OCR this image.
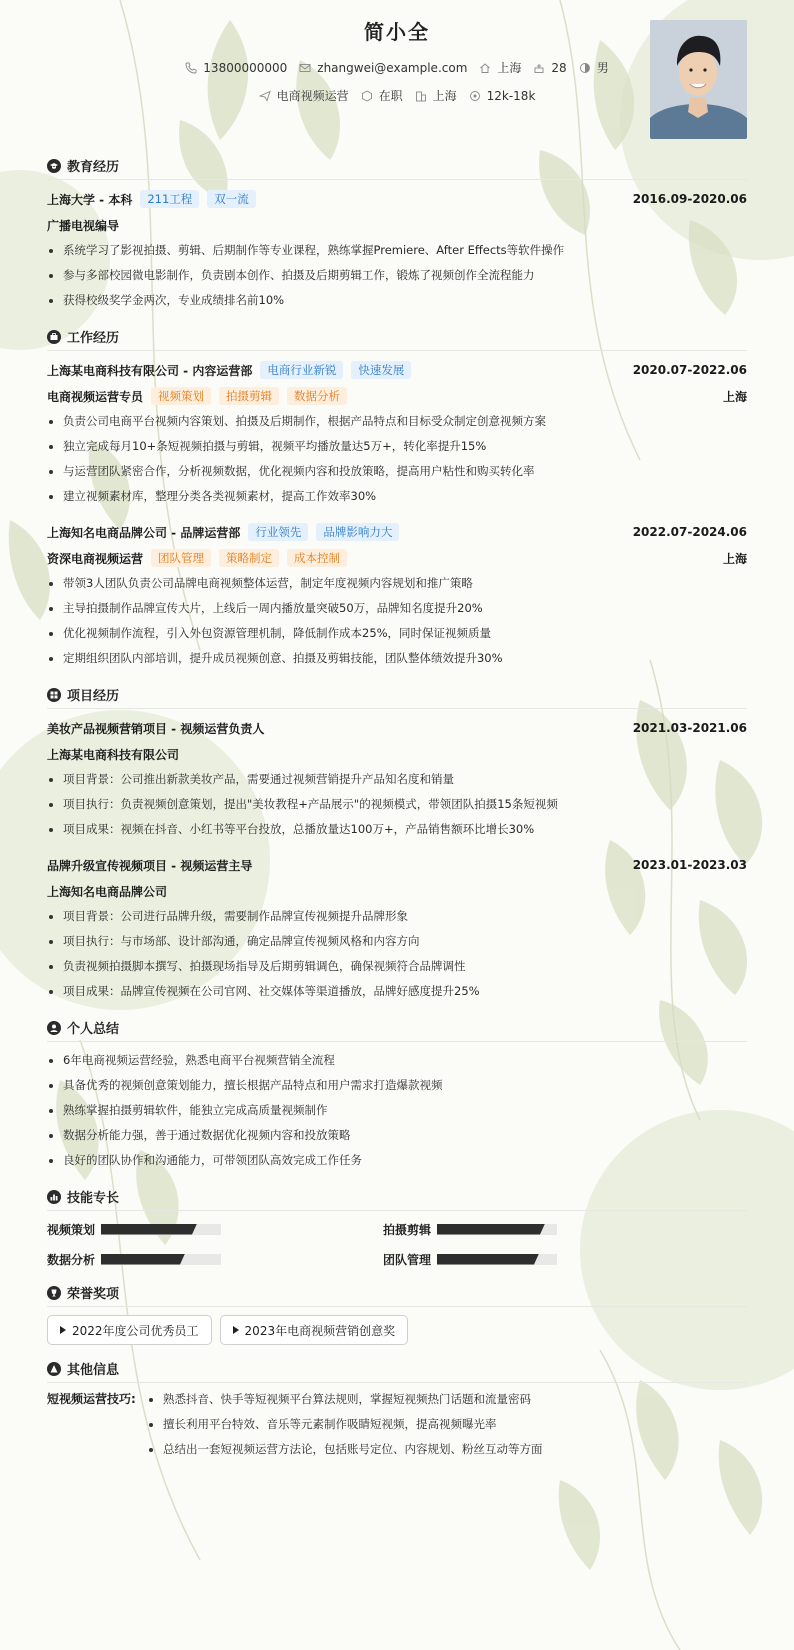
简小全
13800000000	zhangwei@example.com	上海	28	男
电商视频运营	在职	上海	12k-18k
教育经历
上海大学 - 本科	211工程	双一流	2016.09-2020.06
广播电视编导
系统学习了影视拍摄、剪辑、后期制作等专业课程，熟练掌握Premiere、After Effects等软件操作
参与多部校园微电影制作，负责剧本创作、拍摄及后期剪辑工作，锻炼了视频创作全流程能力
获得校级奖学金两次，专业成绩排名前10%
工作经历
上海某电商科技有限公司 - 内容运营部	电商行业新锐	快速发展	2020.07-2022.06
电商视频运营专员	视频策划	拍摄剪辑	数据分析	上海
负责公司电商平台视频内容策划、拍摄及后期制作，根据产品特点和目标受众制定创意视频方案
独立完成每月10+条短视频拍摄与剪辑，视频平均播放量达5万+，转化率提升15%
与运营团队紧密合作，分析视频数据，优化视频内容和投放策略，提高用户粘性和购买转化率
建立视频素材库，整理分类各类视频素材，提高工作效率30%
上海知名电商品牌公司 - 品牌运营部	行业领先	品牌影响力大	2022.07-2024.06
资深电商视频运营	团队管理	策略制定	成本控制	上海
带领3人团队负责公司品牌电商视频整体运营，制定年度视频内容规划和推广策略
主导拍摄制作品牌宣传大片，上线后一周内播放量突破50万，品牌知名度提升20%
优化视频制作流程，引入外包资源管理机制，降低制作成本25%，同时保证视频质量
定期组织团队内部培训，提升成员视频创意、拍摄及剪辑技能，团队整体绩效提升30%
项目经历
美妆产品视频营销项目 - 视频运营负责人	2021.03-2021.06
上海某电商科技有限公司
项目背景：公司推出新款美妆产品，需要通过视频营销提升产品知名度和销量
项目执行：负责视频创意策划，提出"美妆教程+产品展示"的视频模式，带领团队拍摄15条短视频
项目成果：视频在抖音、小红书等平台投放，总播放量达100万+，产品销售额环比增长30%
品牌升级宣传视频项目 - 视频运营主导	2023.01-2023.03
上海知名电商品牌公司
项目背景：公司进行品牌升级，需要制作品牌宣传视频提升品牌形象
项目执行：与市场部、设计部沟通，确定品牌宣传视频风格和内容方向
负责视频拍摄脚本撰写、拍摄现场指导及后期剪辑调色，确保视频符合品牌调性
项目成果：品牌宣传视频在公司官网、社交媒体等渠道播放，品牌好感度提升25%
个人总结
6年电商视频运营经验，熟悉电商平台视频营销全流程
具备优秀的视频创意策划能力，擅长根据产品特点和用户需求打造爆款视频
熟练掌握拍摄剪辑软件，能独立完成高质量视频制作
数据分析能力强，善于通过数据优化视频内容和投放策略
良好的团队协作和沟通能力，可带领团队高效完成工作任务
技能专长
视频策划	拍摄剪辑
数据分析	团队管理
荣誉奖项
2022年度公司优秀员工	2023年电商视频营销创意奖
其他信息
短视频运营技巧:	熟悉抖音、快手等短视频平台算法规则，掌握短视频热门话题和流量密码
擅长利用平台特效、音乐等元素制作吸睛短视频，提高视频曝光率
总结出一套短视频运营方法论，包括账号定位、内容规划、粉丝互动等方面
